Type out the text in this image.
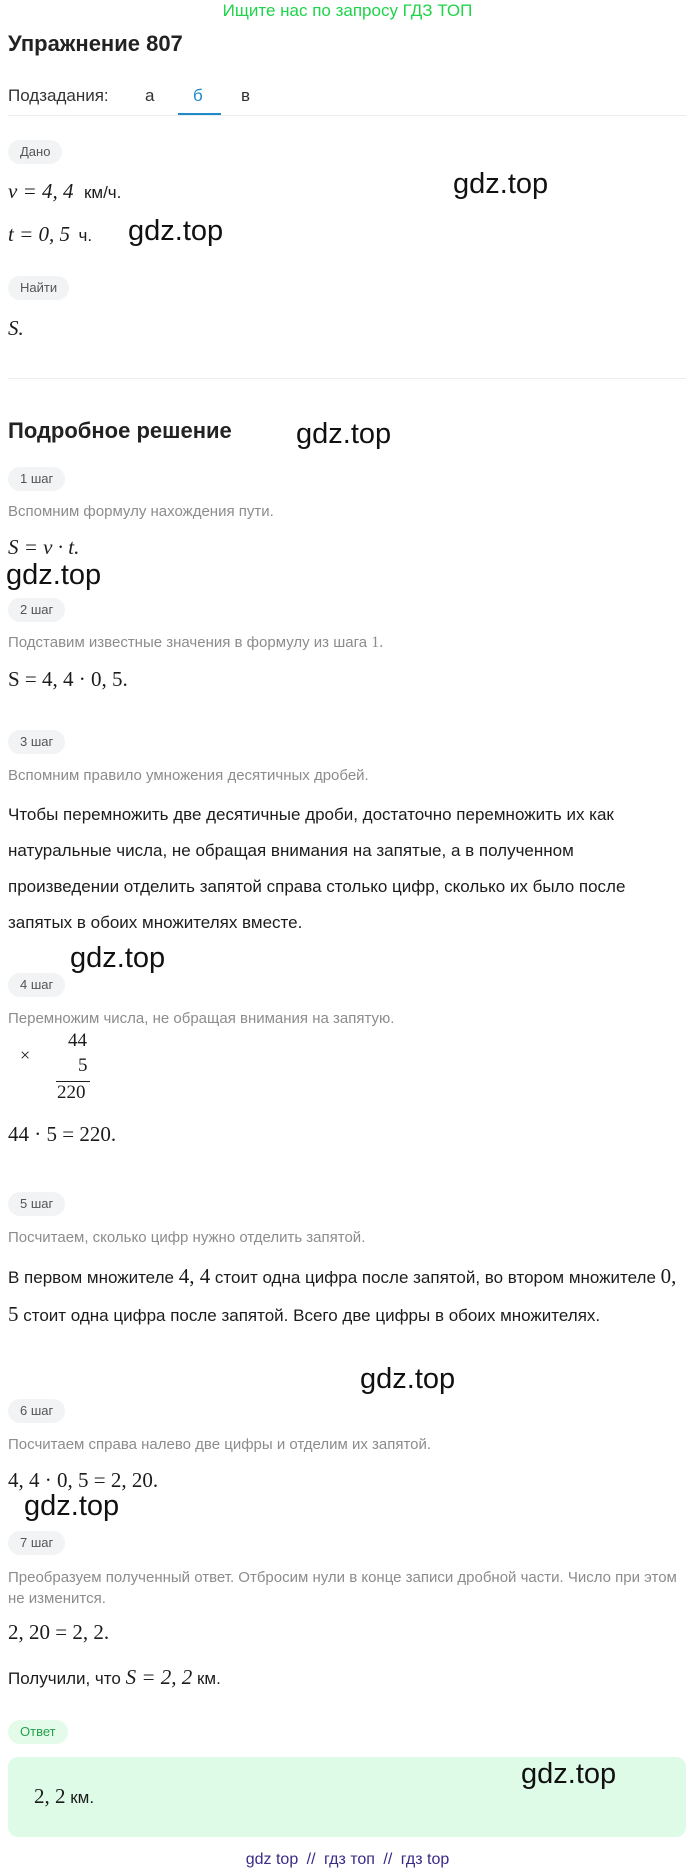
Ищите нас по запросу ГДЗ ТОП
Упражнение 807
Подзадания: а б в
Дано
v = 4, 4 км/ч.
t = 0, 5 ч.
Найти
S.
Подробное решение
1 шаг
Вспомним формулу нахождения пути.
S = v · t.
2 шаг
Подставим известные значения в формулу из шага 1.
S = 4, 4 · 0, 5.
3 шаг
Вспомним правило умножения десятичных дробей.
Чтобы перемножить две десятичные дроби, достаточно перемножить их как натуральные числа, не обращая внимания на запятые, а в полученном произведении отделить запятой справа столько цифр, сколько их было после запятых в обоих множителях вместе.
4 шаг
Перемножим числа, не обращая внимания на запятую.
×
44
5
220
44 · 5 = 220.
5 шаг
Посчитаем, сколько цифр нужно отделить запятой.
В первом множителе 4, 4 стоит одна цифра после запятой, во втором множителе 0, 5 стоит одна цифра после запятой. Всего две цифры в обоих множителях.
6 шаг
Посчитаем справа налево две цифры и отделим их запятой.
4, 4 · 0, 5 = 2, 20.
7 шаг
Преобразуем полученный ответ. Отбросим нули в конце записи дробной части. Число при этом не изменится.
2, 20 = 2, 2.
Получили, что S = 2, 2 км.
Ответ
2, 2 км.
gdz.top
gdz.top
gdz.top
gdz.top
gdz.top
gdz.top
gdz.top
gdz.top
gdz top // гдз топ // гдз top
